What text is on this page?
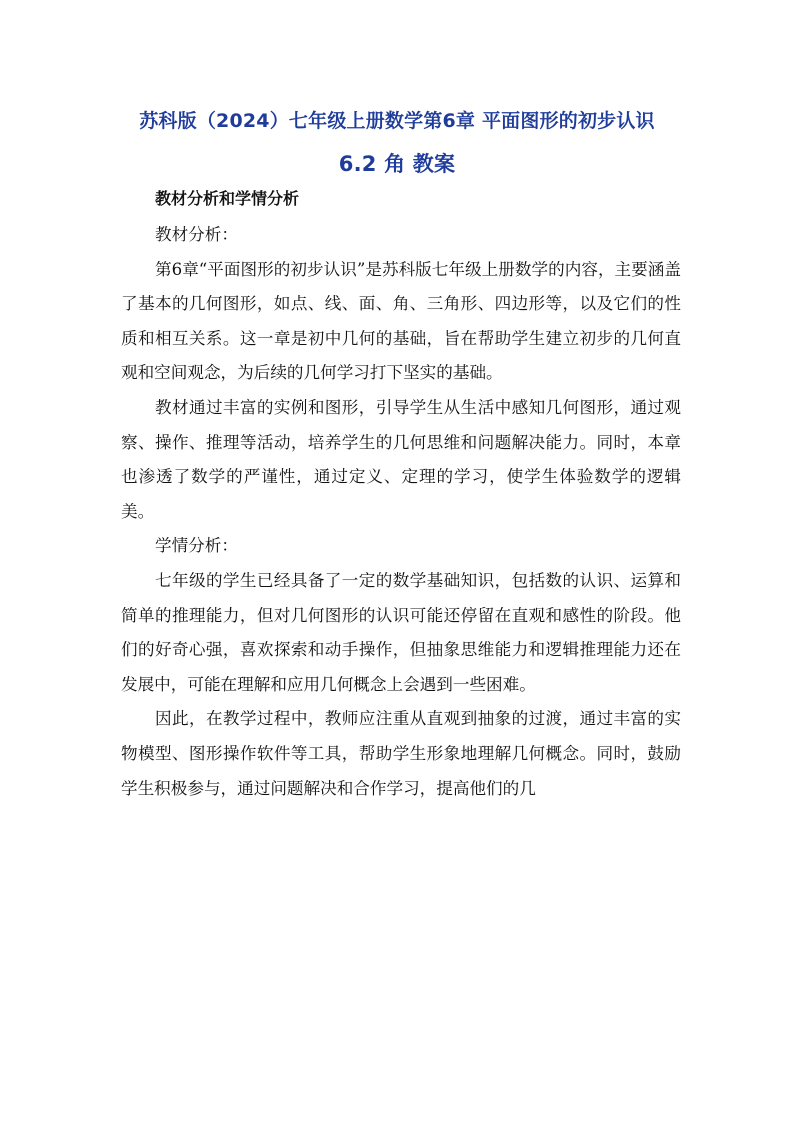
苏科版（2024）七年级上册数学第6章 平面图形的初步认识
6.2 角 教案

教材分析和学情分析

教材分析：

第6章“平面图形的初步认识”是苏科版七年级上册数学的内容，主要涵盖了基本的几何图形，如点、线、面、角、三角形、四边形等，以及它们的性质和相互关系。这一章是初中几何的基础，旨在帮助学生建立初步的几何直观和空间观念，为后续的几何学习打下坚实的基础。

教材通过丰富的实例和图形，引导学生从生活中感知几何图形，通过观察、操作、推理等活动，培养学生的几何思维和问题解决能力。同时，本章也渗透了数学的严谨性，通过定义、定理的学习，使学生体验数学的逻辑美。

学情分析：

七年级的学生已经具备了一定的数学基础知识，包括数的认识、运算和简单的推理能力，但对几何图形的认识可能还停留在直观和感性的阶段。他们的好奇心强，喜欢探索和动手操作，但抽象思维能力和逻辑推理能力还在发展中，可能在理解和应用几何概念上会遇到一些困难。

因此，在教学过程中，教师应注重从直观到抽象的过渡，通过丰富的实物模型、图形操作软件等工具，帮助学生形象地理解几何概念。同时，鼓励学生积极参与，通过问题解决和合作学习，提高他们的几
